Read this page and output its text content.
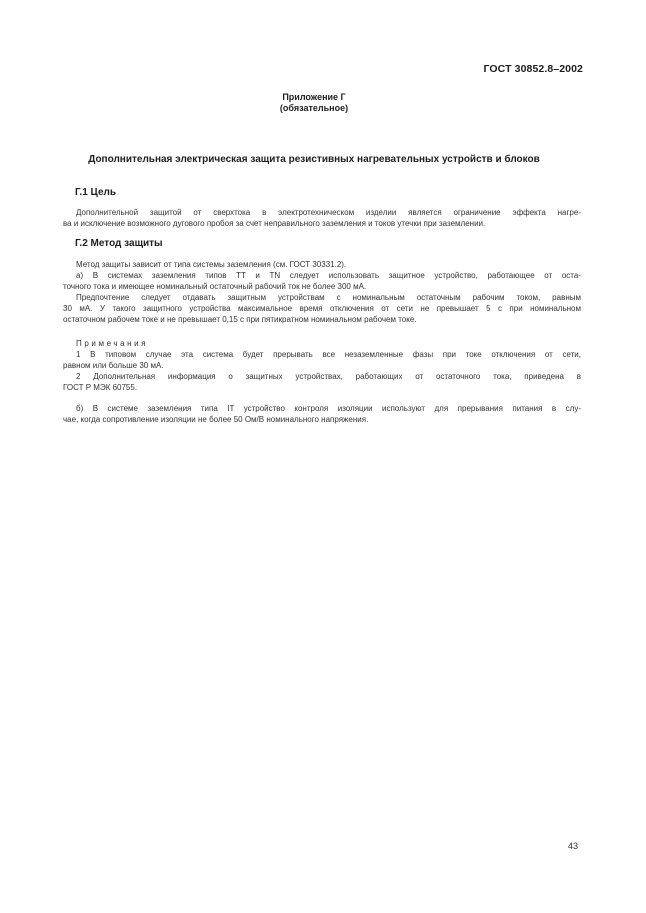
ГОСТ 30852.8–2002
Приложение Г
(обязательное)
Дополнительная электрическая защита резистивных нагревательных устройств и блоков
Г.1 Цель
Дополнительной защитой от сверхтока в электротехническом изделии является ограничение эффекта нагре-
ва и исключение возможного дугового пробоя за счет неправильного заземления и токов утечки при заземлении.
Г.2 Метод защиты
Метод защиты зависит от типа системы заземления (см. ГОСТ 30331.2).
а) В системах заземления типов TT и TN следует использовать защитное устройство, работающее от оста-
точного тока и имеющее номинальный остаточный рабочий ток не более 300 мА.
Предпочтение следует отдавать защитным устройствам с номинальным остаточным рабочим током, равным
30 мА. У такого защитного устройства максимальное время отключения от сети не превышает 5 с при номинальном
остаточном рабочем токе и не превышает 0,15 с при пятикратном номинальном рабочем токе.
Примечания
1 В типовом случае эта система будет прерывать все незаземленные фазы при токе отключения от сети,
равном или больше 30 мА.
2 Дополнительная информация о защитных устройствах, работающих от остаточного тока, приведена в
ГОСТ Р МЭК 60755.
б) В системе заземления типа IT устройство контроля изоляции используют для прерывания питания в слу-
чае, когда сопротивление изоляции не более 50 Ом/В номинального напряжения.
43
